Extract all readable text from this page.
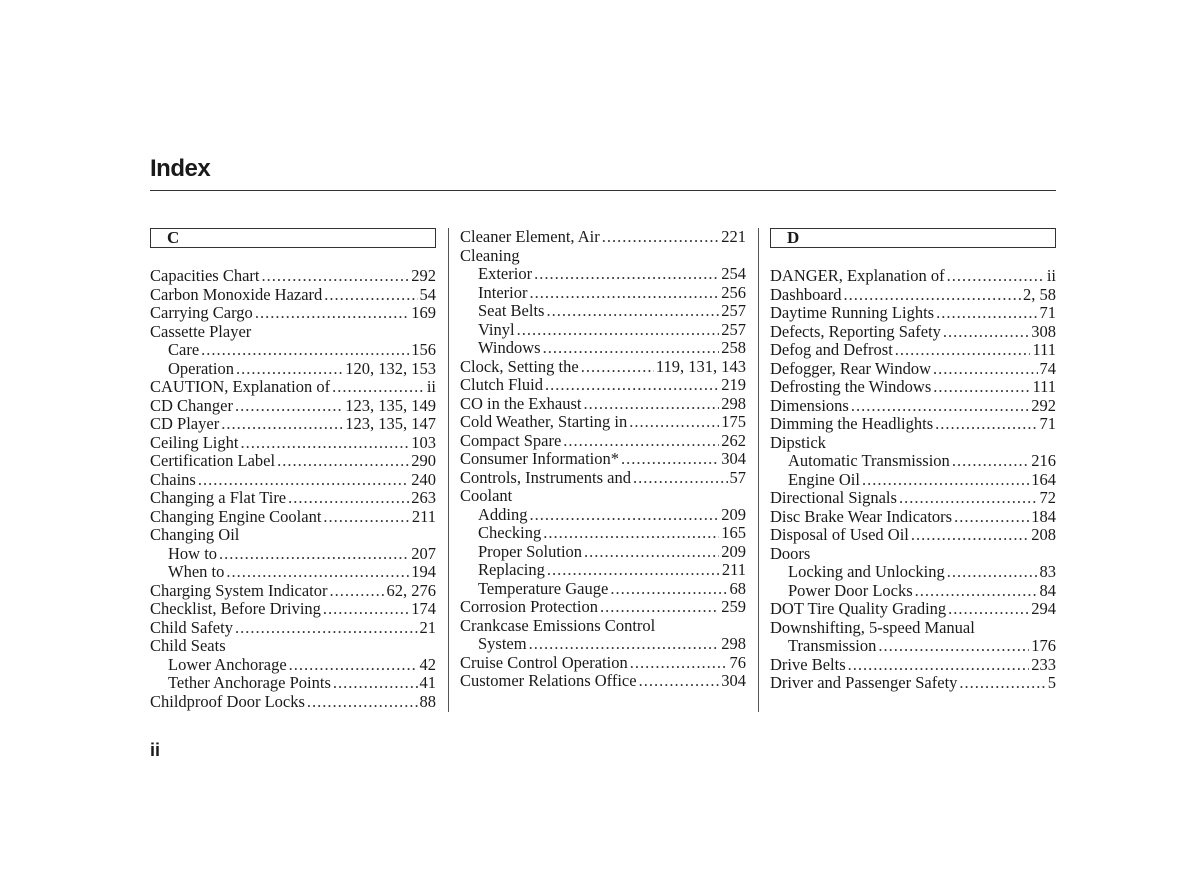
Index
C
Capacities Chart .....	292
Carbon Monoxide Hazard .....	54
Carrying Cargo .....	169
Cassette Player
Care .....	156
Operation .....	120, 132, 153
CAUTION, Explanation of .....	ii
CD Changer .....	123, 135, 149
CD Player .....	123, 135, 147
Ceiling Light .....	103
Certification Label .....	290
Chains .....	240
Changing a Flat Tire .....	263
Changing Engine Coolant .....	211
Changing Oil
How to .....	207
When to .....	194
Charging System Indicator .....	62, 276
Checklist, Before Driving .....	174
Child Safety .....	21
Child Seats
Lower Anchorage .....	42
Tether Anchorage Points .....	41
Childproof Door Locks .....	88
Cleaner Element, Air .....	221
Cleaning
Exterior .....	254
Interior .....	256
Seat Belts .....	257
Vinyl .....	257
Windows .....	258
Clock, Setting the .....	119, 131, 143
Clutch Fluid .....	219
CO in the Exhaust .....	298
Cold Weather, Starting in .....	175
Compact Spare .....	262
Consumer Information* .....	304
Controls, Instruments and .....	57
Coolant
Adding .....	209
Checking .....	165
Proper Solution .....	209
Replacing .....	211
Temperature Gauge .....	68
Corrosion Protection .....	259
Crankcase Emissions Control
System .....	298
Cruise Control Operation .....	76
Customer Relations Office .....	304
D
DANGER, Explanation of .....	ii
Dashboard .....	2, 58
Daytime Running Lights .....	71
Defects, Reporting Safety .....	308
Defog and Defrost .....	111
Defogger, Rear Window .....	74
Defrosting the Windows .....	111
Dimensions .....	292
Dimming the Headlights .....	71
Dipstick
Automatic Transmission .....	216
Engine Oil .....	164
Directional Signals .....	72
Disc Brake Wear Indicators .....	184
Disposal of Used Oil .....	208
Doors
Locking and Unlocking .....	83
Power Door Locks .....	84
DOT Tire Quality Grading .....	294
Downshifting, 5-speed Manual
Transmission .....	176
Drive Belts .....	233
Driver and Passenger Safety .....	5
ii
